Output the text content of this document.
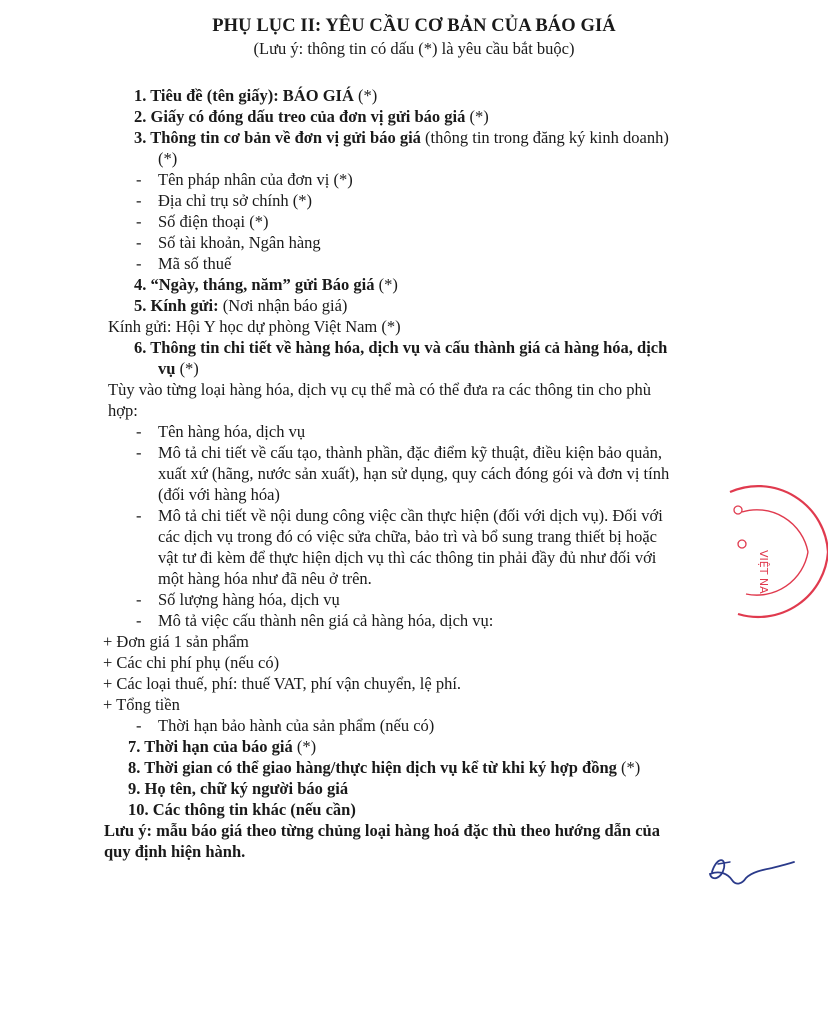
PHỤ LỤC II: YÊU CẦU CƠ BẢN CỦA BÁO GIÁ
(Lưu ý: thông tin có dấu (*) là yêu cầu bắt buộc)
1. Tiêu đề (tên giấy): BÁO GIÁ (*)
2. Giấy có đóng dấu treo của đơn vị gửi báo giá (*)
3. Thông tin cơ bản về đơn vị gửi báo giá (thông tin trong đăng ký kinh doanh)
(*)
- Tên pháp nhân của đơn vị (*)
- Địa chỉ trụ sở chính (*)
- Số điện thoại (*)
- Số tài khoản, Ngân hàng
- Mã số thuế
4. “Ngày, tháng, năm” gửi Báo giá (*)
5. Kính gửi: (Nơi nhận báo giá)
Kính gửi: Hội Y học dự phòng Việt Nam (*)
6. Thông tin chi tiết về hàng hóa, dịch vụ và cấu thành giá cả hàng hóa, dịch
vụ (*)
Tùy vào từng loại hàng hóa, dịch vụ cụ thể mà có thể đưa ra các thông tin cho phù
hợp:
- Tên hàng hóa, dịch vụ
- Mô tả chi tiết về cấu tạo, thành phần, đặc điểm kỹ thuật, điều kiện bảo quản,
xuất xứ (hãng, nước sản xuất), hạn sử dụng, quy cách đóng gói và đơn vị tính
(đối với hàng hóa)
- Mô tả chi tiết về nội dung công việc cần thực hiện (đối với dịch vụ). Đối với
các dịch vụ trong đó có việc sửa chữa, bảo trì và bổ sung trang thiết bị hoặc
vật tư đi kèm để thực hiện dịch vụ thì các thông tin phải đầy đủ như đối với
một hàng hóa như đã nêu ở trên.
- Số lượng hàng hóa, dịch vụ
- Mô tả việc cấu thành nên giá cả hàng hóa, dịch vụ:
+ Đơn giá 1 sản phẩm
+ Các chi phí phụ (nếu có)
+ Các loại thuế, phí: thuế VAT, phí vận chuyển, lệ phí.
+ Tổng tiền
- Thời hạn bảo hành của sản phẩm (nếu có)
7. Thời hạn của báo giá (*)
8. Thời gian có thể giao hàng/thực hiện dịch vụ kể từ khi ký hợp đồng (*)
9. Họ tên, chữ ký người báo giá
10. Các thông tin khác (nếu cần)
Lưu ý: mẫu báo giá theo từng chủng loại hàng hoá đặc thù theo hướng dẫn của
quy định hiện hành.
VIỆT NA
